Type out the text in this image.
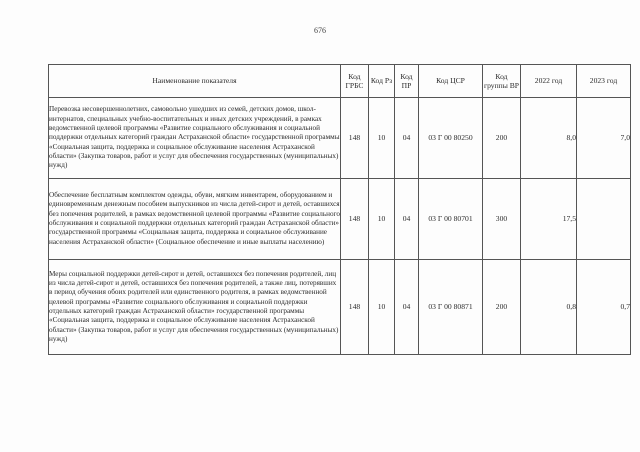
676
Наименование показателя	Код ГРБС	Код Рз	Код ПР	Код ЦСР	Код группы ВР	2022 год	2023 год
Перевозка несовершеннолетних, самовольно ушедших из семей, детских домов, школ-интернатов, специальных учебно-воспитательных и иных детских учреждений, в рамках ведомственной целевой программы «Развитие социального обслуживания и социальной поддержки отдельных категорий граждан Астраханской области» государственной программы «Социальная защита, поддержка и социальное обслуживание населения Астраханской области» (Закупка товаров, работ и услуг для обеспечения государственных (муниципальных) нужд)	148	10	04	03 Г 00 80250	200	8,0	7,0
Обеспечение бесплатным комплектом одежды, обуви, мягким инвентарем, оборудованием и единовременным денежным пособием выпускников из числа детей-сирот и детей, оставшихся без попечения родителей, в рамках ведомственной целевой программы «Развитие социального обслуживания и социальной поддержки отдельных категорий граждан Астраханской области» государственной программы «Социальная защита, поддержка и социальное обслуживание населения Астраханской области» (Социальное обеспечение и иные выплаты населению)	148	10	04	03 Г 00 80701	300	17,5	
Меры социальной поддержки детей-сирот и детей, оставшихся без попечения родителей, лиц из числа детей-сирот и детей, оставшихся без попечения родителей, а также лиц, потерявших в период обучения обоих родителей или единственного родителя, в рамках ведомственной целевой программы «Развитие социального обслуживания и социальной поддержки отдельных категорий граждан Астраханской области» государственной программы «Социальная защита, поддержка и социальное обслуживание населения Астраханской области» (Закупка товаров, работ и услуг для обеспечения государственных (муниципальных) нужд)	148	10	04	03 Г 00 80871	200	0,8	0,7
